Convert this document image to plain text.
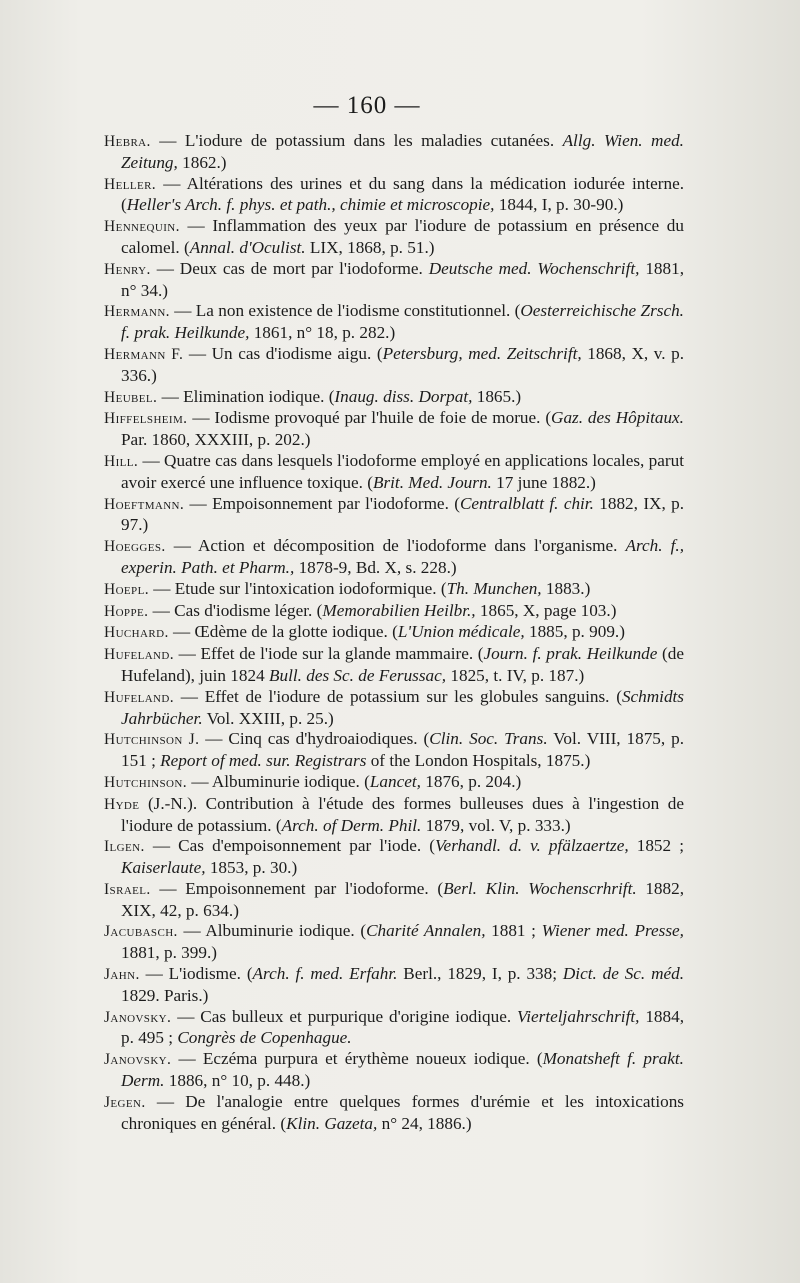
— 160 —
Hebra. — L'iodure de potassium dans les maladies cutanées. Allg. Wien. med. Zeitung, 1862.)
Heller. — Altérations des urines et du sang dans la médication iodurée interne. (Heller's Arch. f. phys. et path., chimie et microscopie, 1844, I, p. 30-90.)
Hennequin. — Inflammation des yeux par l'iodure de potassium en présence du calomel. (Annal. d'Oculist. LIX, 1868, p. 51.)
Henry. — Deux cas de mort par l'iodoforme. Deutsche med. Wochenschrift, 1881, n° 34.)
Hermann. — La non existence de l'iodisme constitutionnel. (Oesterreichische Zrsch. f. prak. Heilkunde, 1861, n° 18, p. 282.)
Hermann F. — Un cas d'iodisme aigu. (Petersburg, med. Zeitschrift, 1868, X, v. p. 336.)
Heubel. — Elimination iodique. (Inaug. diss. Dorpat, 1865.)
Hiffelsheim. — Iodisme provoqué par l'huile de foie de morue. (Gaz. des Hôpitaux. Par. 1860, XXXIII, p. 202.)
Hill. — Quatre cas dans lesquels l'iodoforme employé en applications locales, parut avoir exercé une influence toxique. (Brit. Med. Journ. 17 june 1882.)
Hoeftmann. — Empoisonnement par l'iodoforme. (Centralblatt f. chir. 1882, IX, p. 97.)
Hoegges. — Action et décomposition de l'iodoforme dans l'organisme. Arch. f., experin. Path. et Pharm., 1878-9, Bd. X, s. 228.)
Hoepl. — Etude sur l'intoxication iodoformique. (Th. Munchen, 1883.)
Hoppe. — Cas d'iodisme léger. (Memorabilien Heilbr., 1865, X, page 103.)
Huchard. — Œdème de la glotte iodique. (L'Union médicale, 1885, p. 909.)
Hufeland. — Effet de l'iode sur la glande mammaire. (Journ. f. prak. Heilkunde (de Hufeland), juin 1824 Bull. des Sc. de Ferussac, 1825, t. IV, p. 187.)
Hufeland. — Effet de l'iodure de potassium sur les globules sanguins. (Schmidts Jahrbücher. Vol. XXIII, p. 25.)
Hutchinson J. — Cinq cas d'hydroaiodiques. (Clin. Soc. Trans. Vol. VIII, 1875, p. 151 ; Report of med. sur. Registrars of the London Hospitals, 1875.)
Hutchinson. — Albuminurie iodique. (Lancet, 1876, p. 204.)
Hyde (J.-N.). Contribution à l'étude des formes bulleuses dues à l'ingestion de l'iodure de potassium. (Arch. of Derm. Phil. 1879, vol. V, p. 333.)
Ilgen. — Cas d'empoisonnement par l'iode. (Verhandl. d. v. pfälzaertze, 1852 ; Kaiserlaute, 1853, p. 30.)
Israel. — Empoisonnement par l'iodoforme. (Berl. Klin. Wochenscrhrift. 1882, XIX, 42, p. 634.)
Jacubasch. — Albuminurie iodique. (Charité Annalen, 1881 ; Wiener med. Presse, 1881, p. 399.)
Jahn. — L'iodisme. (Arch. f. med. Erfahr. Berl., 1829, I, p. 338; Dict. de Sc. méd. 1829. Paris.)
Janovsky. — Cas bulleux et purpurique d'origine iodique. Vierteljahrschrift, 1884, p. 495 ; Congrès de Copenhague.
Janovsky. — Eczéma purpura et érythème noueux iodique. (Monatsheft f. prakt. Derm. 1886, n° 10, p. 448.)
Jegen. — De l'analogie entre quelques formes d'urémie et les intoxications chroniques en général. (Klin. Gazeta, n° 24, 1886.)
